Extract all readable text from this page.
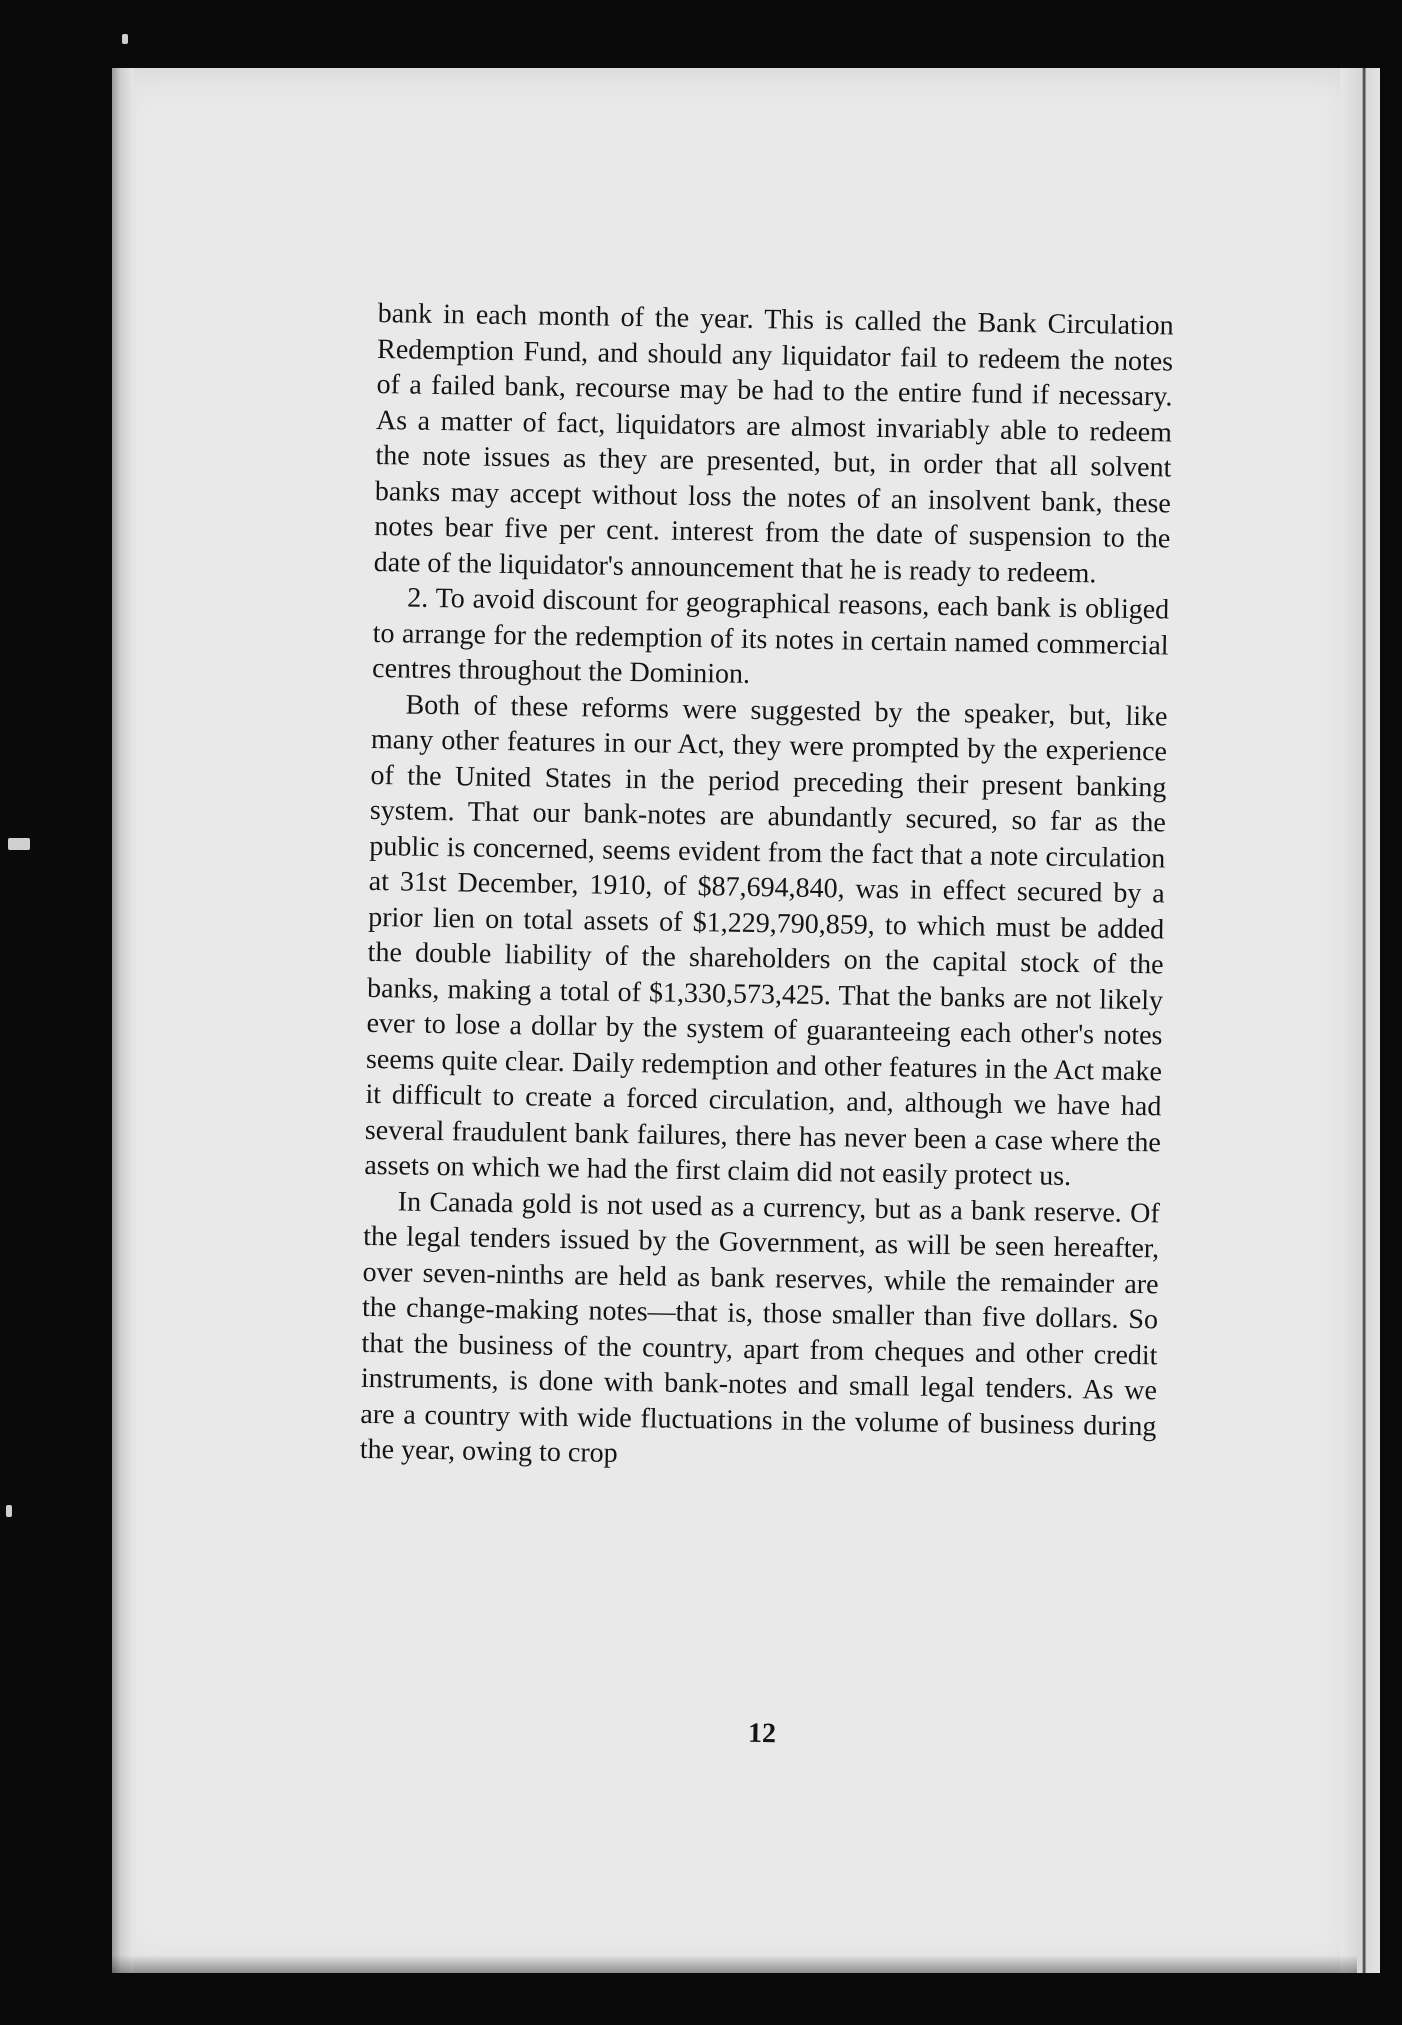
bank in each month of the year. This is called the Bank Circulation Redemption Fund, and should any liquidator fail to redeem the notes of a failed bank, recourse may be had to the entire fund if necessary. As a matter of fact, liquidators are almost invariably able to redeem the note issues as they are presented, but, in order that all solvent banks may accept without loss the notes of an insolvent bank, these notes bear five per cent. interest from the date of suspension to the date of the liquidator's announcement that he is ready to redeem.

2. To avoid discount for geographical reasons, each bank is obliged to arrange for the redemption of its notes in certain named commercial centres throughout the Dominion.

Both of these reforms were suggested by the speaker, but, like many other features in our Act, they were prompted by the experience of the United States in the period preceding their present banking system. That our bank-notes are abundantly secured, so far as the public is concerned, seems evident from the fact that a note circulation at 31st December, 1910, of $87,694,840, was in effect secured by a prior lien on total assets of $1,229,790,859, to which must be added the double liability of the shareholders on the capital stock of the banks, making a total of $1,330,573,425. That the banks are not likely ever to lose a dollar by the system of guaranteeing each other's notes seems quite clear. Daily redemption and other features in the Act make it difficult to create a forced circulation, and, although we have had several fraudulent bank failures, there has never been a case where the assets on which we had the first claim did not easily protect us.

In Canada gold is not used as a currency, but as a bank reserve. Of the legal tenders issued by the Government, as will be seen hereafter, over seven-ninths are held as bank reserves, while the remainder are the change-making notes—that is, those smaller than five dollars. So that the business of the country, apart from cheques and other credit instruments, is done with bank-notes and small legal tenders. As we are a country with wide fluctuations in the volume of business during the year, owing to crop

12
